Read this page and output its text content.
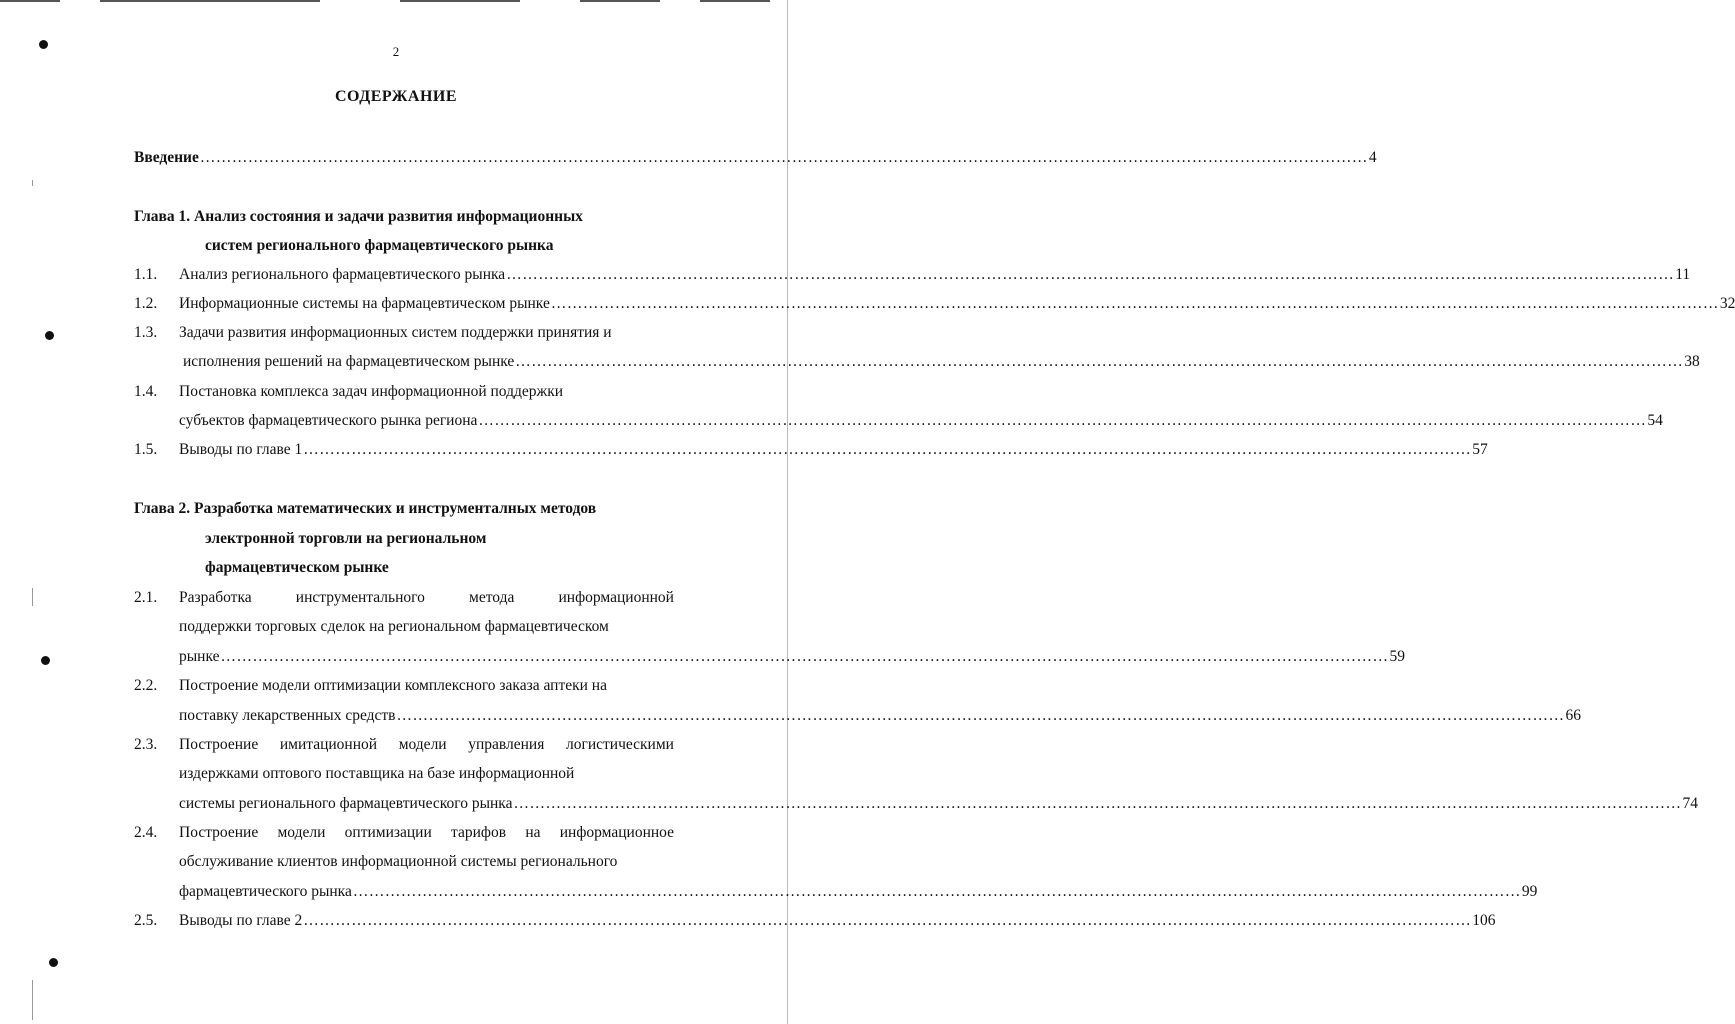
2
СОДЕРЖАНИЕ
Введение ………………………………………………………………………………………………………………………………………………………………………………………………… 4
Глава 1. Анализ состояния и задачи развития информационных
систем регионального фармацевтического рынка
1.1. Анализ регионального фармацевтического рынка ………………………………………………………………………………………………………………………………………………………………………………………………… 11
1.2. Информационные системы на фармацевтическом рынке ………………………………………………………………………………………………………………………………………………………………………………………………… 32
1.3. Задачи развития информационных систем поддержки принятия и
исполнения решений на фармацевтическом рынке ………………………………………………………………………………………………………………………………………………………………………………………………… 38
1.4. Постановка комплекса задач информационной поддержки
субъектов фармацевтического рынка региона ………………………………………………………………………………………………………………………………………………………………………………………………… 54
1.5. Выводы по главе 1 ………………………………………………………………………………………………………………………………………………………………………………………………… 57
Глава 2. Разработка математических и инструменталных методов
электронной торговли на региональном
фармацевтическом рынке
2.1. Разработка	инструментального	метода	информационной
поддержки торговых сделок на региональном фармацевтическом
рынке ………………………………………………………………………………………………………………………………………………………………………………………………… 59
2.2. Построение модели оптимизации комплексного заказа аптеки на
поставку лекарственных средств ………………………………………………………………………………………………………………………………………………………………………………………………… 66
2.3. Построение имитационной модели управления логистическими
издержками оптового поставщика на базе информационной
системы регионального фармацевтического рынка ………………………………………………………………………………………………………………………………………………………………………………………………… 74
2.4. Построение модели оптимизации тарифов на информационное
обслуживание клиентов информационной системы регионального
фармацевтического рынка ………………………………………………………………………………………………………………………………………………………………………………………………… 99
2.5. Выводы по главе 2 ………………………………………………………………………………………………………………………………………………………………………………………………… 106
